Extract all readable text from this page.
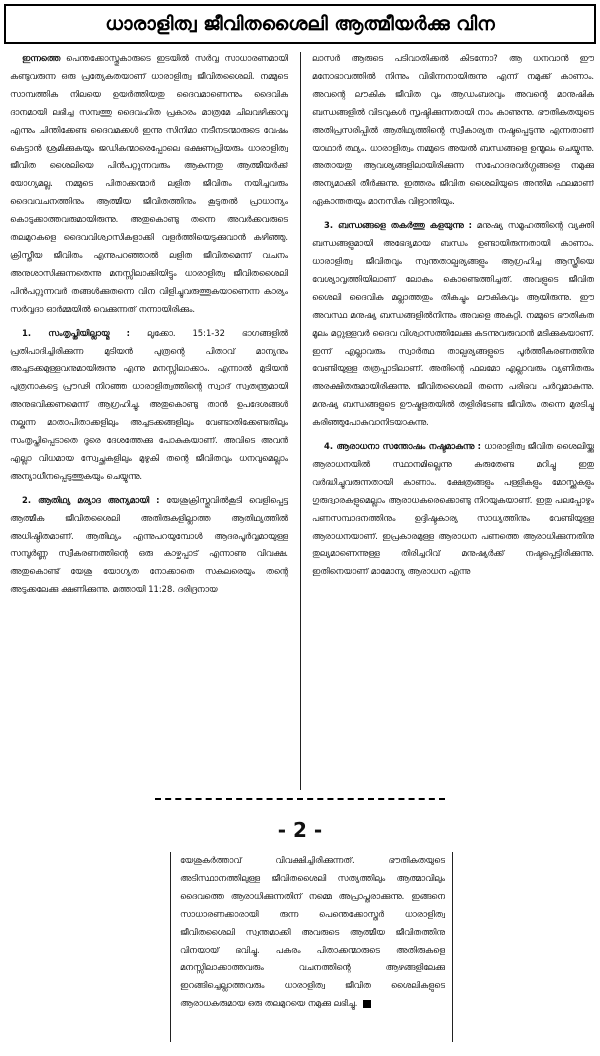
ധാരാളിത്വ ജീവിതശൈലി ആത്മീയർക്കു വിന

ഇന്നത്തെ പെന്തക്കോസ്തുകാരുടെ ഇടയിൽ സർവ്വ സാധാരണമായി കണ്ടുവരുന്ന ഒരു പ്രത്യേകതയാണ് ധാരാളിത്വ ജീവിതശൈലി. നമ്മുടെ സാമ്പത്തിക നിലയെ ഉയർത്തിയതു ദൈവമാണെന്നും ദൈവിക ദാനമായി ലഭിച്ച സമ്പത്തു ദൈവഹിത പ്രകാരം മാത്രമേ ചിലവഴിക്കാവൂ എന്നും ചിന്തിക്കേണ്ട ദൈവമക്കൾ ഇന്നു സിനിമാ നടീനടന്മാരുടെ വേഷം കെട്ടാൻ ശ്രമിക്കുകയും ജഡികന്മാരെപ്പോലെ ഭക്ഷണപ്രിയരും ധാരാളിത്വ ജീവിത ശൈലിയെ പിൻപറ്റുന്നവരും ആകുന്നതു ആത്മീയർക്ക് യോഗ്യമല്ല. നമ്മുടെ പിതാക്കന്മാർ ലളിത ജീവിതം നയിച്ചവരും ദൈവവചനത്തിനും ആത്മീയ ജീവിതത്തിനും കൂടുതൽ പ്രാധാന്യം കൊടുക്കാത്തവരുമായിരുന്നു. അതുകൊണ്ടു തന്നെ അവർക്കവരുടെ തലമുറകളെ ദൈവവിശ്വാസികളാക്കി വളർത്തിയെടുക്കുവാൻ കഴിഞ്ഞു. ക്രിസ്തീയ ജീവിതം എന്നുപറഞ്ഞാൽ ലളിത ജീവിതമെന്ന് വചനം അനുശാസിക്കുന്നതെന്നു മനസ്സിലാക്കിയിട്ടും ധാരാളിത്വ ജീവിതശൈലി പിൻപറ്റുന്നവർ തങ്ങൾക്കുതന്നെ വിന വിളിച്ചുവരുത്തുകയാണെന്ന കാര്യം സർവ്വദാ ഓർമ്മയിൽ വെക്കുന്നത് നന്നായിരിക്കും.

1. സംതൃപ്തിയില്ലായ്മ : ലൂക്കോ. 15:1-32 ഭാഗങ്ങളിൽ പ്രതിപാദിച്ചിരിക്കുന്ന മുടിയൻ പുത്രന്റെ പിതാവ് മാന്യനും അച്ചടക്കമുള്ളവനുമായിരുന്നു എന്നു മനസ്സിലാക്കാം. എന്നാൽ മുടിയൻ പുത്രനാകട്ടെ പ്രൗഢി നിറഞ്ഞ ധാരാളിത്വത്തിന്റെ സ്വാദ് സ്വതന്ത്രമായി അനുഭവിക്കണമെന്ന് ആഗ്രഹിച്ചു. അതുകൊണ്ടു താൻ ഉപദേശങ്ങൾ നല്കുന്ന മാതാപിതാക്കളിലും അച്ചടക്കങ്ങളിലും വേണ്ടാതിക്കേണ്ടതിലും സംതൃപ്തിപ്പെടാതെ ദൂരെ ദേശത്തേക്കു പോകുകയാണ്. അവിടെ അവൻ എല്ലാ വിധമായ സ്വേച്ഛകളിലും മുഴുകി തന്റെ ജീവിതവും ധനവുമെല്ലാം അന്യാധീനപ്പെടുത്തുകയും ചെയ്യുന്നു.

2. ആതിഥ്യ മര്യാദ അന്യമായി : യേശുക്രിസ്തുവിൽകൂടി വെളിപ്പെട്ട ആത്മീക ജീവിതശൈലി അതിരുകളില്ലാത്ത ആതിഥ്യത്തിൽ അധിഷ്ഠിതമാണ്. ആതിഥ്യം എന്നുപറയുമ്പോൾ ആദരപൂർവ്വമായുള്ള സമ്പൂർണ്ണ സ്വീകരണത്തിന്റെ ഒരു കാഴ്ചപ്പാട് എന്നാണു വിവക്ഷ. അതുകൊണ്ട് യേശു യോഗ്യത നോക്കാതെ സകലരെയും തന്റെ അടുക്കലേക്കു ക്ഷണിക്കുന്നു. മത്തായി 11:28. ദരിദ്രനായ

ലാസർ ആരുടെ പടിവാതിക്കൽ കിടന്നോ? ആ ധനവാൻ ഈ മനോഭാവത്തിൽ നിന്നും വിഭിന്നനായിരുന്നു എന്ന് നമുക്ക് കാണാം. അവന്റെ ലൗകിക ജീവിത വും ആഡംബരവും അവന്റെ മാനുഷിക ബന്ധങ്ങളിൽ വിടവുകൾ സൃഷ്ടിക്കുന്നതായി നാം കാണുന്നു. ഭൗതികതയുടെ അതിപ്രസരിപ്പിൽ ആതിഥ്യത്തിന്റെ സ്വീകാര്യത നഷ്ടപ്പെടുന്നു എന്നതാണ് യാഥാർ ത്ഥ്യം. ധാരാളിത്വം നമ്മുടെ അയൽ ബന്ധങ്ങളെ ഉന്മൂലം ചെയ്യുന്നു. അതായതു ആവശ്യങ്ങളിലായിരിക്കുന്ന സഹോദരവർഗ്ഗങ്ങളെ നമുക്കു അന്യമാക്കി തീർക്കുന്നു. ഇത്തരം ജീവിത ശൈലിയുടെ അന്തിമ ഫലമാണ് ഏകാന്തതയും മാനസിക വിഭ്രാന്തിയും.

3. ബന്ധങ്ങളെ തകർത്തു കളയുന്നു : മനുഷ്യ സമൂഹത്തിന്റെ വ്യക്തി ബന്ധങ്ങളുമായി അഭേദ്യമായ ബന്ധം ഉണ്ടായിരുന്നതായി കാണാം. ധാരാളിത്വ ജീവിതവും സ്വന്തതാല്പര്യങ്ങളും ആഗ്രഹിച്ച ആസ്ത്രീയെ വേശ്യാവൃത്തിയിലാണ് ലോകം കൊണ്ടെത്തിച്ചത്. അവളുടെ ജീവിത ശൈലി ദൈവിക മല്ലാത്തതും തികച്ചും ലൗകികവും ആയിരുന്നു. ഈ അവസ്ഥ മനുഷ്യ ബന്ധങ്ങളിൽനിന്നും അവളെ അകറ്റി. നമ്മുടെ ഭൗതികത മൂലം മറ്റുള്ളവർ ദൈവ വിശ്വാസത്തിലേക്കു കടന്നുവരുവാൻ മടിക്കുകയാണ്. ഇന്ന് എല്ലാവരും സ്വാർത്ഥ താല്പര്യങ്ങളുടെ പൂർത്തീകരണത്തിനു വേണ്ടിയുള്ള തത്രപ്പാടിലാണ്. അതിന്റെ ഫലമോ എല്ലാവരും വ്യണിതരും അരക്ഷിതരുമായിരിക്കുന്നു. ജീവിതശൈലി തന്നെ പരിഭവ പർവ്വമാകുന്നു. മനുഷ്യ ബന്ധങ്ങളുടെ ഊഷ്മളതയിൽ തളിരിടേണ്ട ജീവിതം തന്നെ മുരടിച്ചു കരിഞ്ഞുപോകുവാനിടയാകുന്നു.

4. ആരാധനാ സന്തോഷം നഷ്ടമാകുന്നു : ധാരാളിത്വ ജീവിത ശൈലിയ്ക്കു ആരാധനയിൽ സ്ഥാനമില്ലെന്നു കരുതേണ്ട മറിച്ചു ഇതു വർദ്ധിച്ചുവരുന്നതായി കാണാം. ക്ഷേത്രങ്ങളും പള്ളികളും മോസ്ക്കുകളും ഗുരുദ്വാരകളുമെല്ലാം ആരാധകരെക്കൊണ്ടു നിറയുകയാണ്. ഇതു പലപ്പോഴും പണസമ്പാദനത്തിനും ഉദ്ദിഷ്ടകാര്യ സാധ്യത്തിനും വേണ്ടിയുള്ള ആരാധനയാണ്. ഇപ്രകാരമുള്ള ആരാധന പണത്തെ ആരാധിക്കുന്നതിനു തുല്യമാണെന്നുള്ള തിരിച്ചറിവ് മനുഷ്യർക്ക് നഷ്ടപ്പെട്ടിരിക്കുന്നു. ഇതിനെയാണ് മാമോന്യ ആരാധന എന്നു

- 2 -

യേശുകർത്താവ് വിവക്ഷിച്ചിരിക്കുന്നത്. ഭൗതികതയുടെ അടിസ്ഥാനത്തിലുള്ള ജീവിതശൈലി സത്യത്തിലും ആത്മാവിലും ദൈവത്തെ ആരാധിക്കുന്നതിന് നമ്മെ അപ്രാപ്തരാക്കുന്നു. ഇങ്ങനെ സാധാരണക്കാരായി രുന്ന പെന്തെക്കോസ്തർ ധാരാളിത്വ ജീവിതശൈലി സ്വന്തമാക്കി അവരുടെ ആത്മീയ ജീവിതത്തിനു വിനയായ് ഭവിച്ചു. പകരം പിതാക്കന്മാരുടെ അതിരുകളെ മനസ്സിലാക്കാത്തവരും വചനത്തിന്റെ ആഴങ്ങളിലേക്കു ഇറങ്ങിച്ചെല്ലാത്തവരും ധാരാളിത്വ ജീവിത ശൈലികളുടെ ആരാധകരുമായ ഒരു തലമുറയെ നമുക്കു ലഭിച്ചു.
